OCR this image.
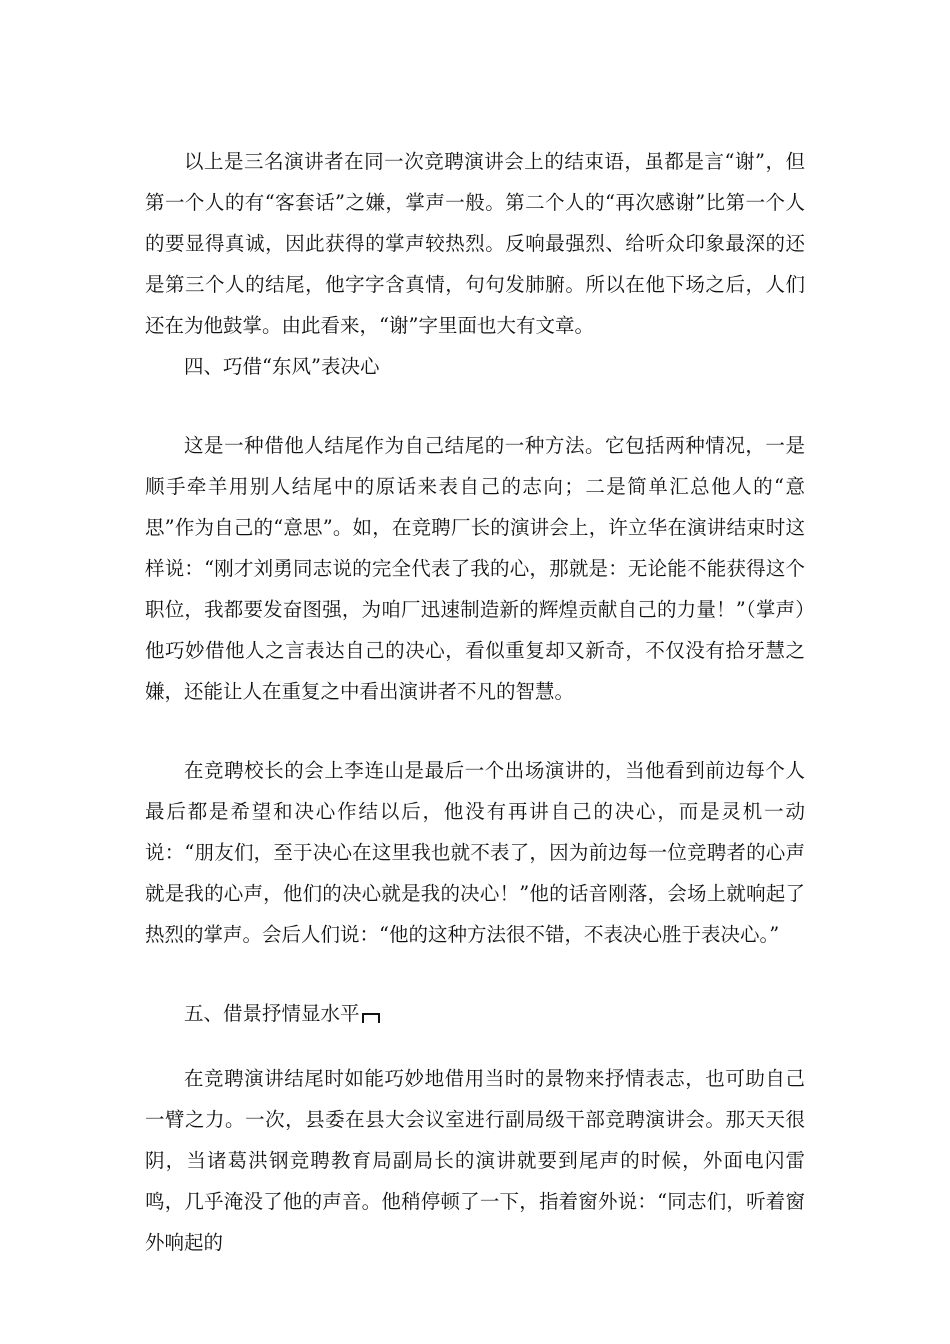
以上是三名演讲者在同一次竞聘演讲会上的结束语，虽都是言“谢”，但第一个人的有“客套话”之嫌，掌声一般。第二个人的“再次感谢”比第一个人的要显得真诚，因此获得的掌声较热烈。反响最强烈、给听众印象最深的还是第三个人的结尾，他字字含真情，句句发肺腑。所以在他下场之后，人们还在为他鼓掌。由此看来，“谢”字里面也大有文章。

四、巧借“东风”表决心

这是一种借他人结尾作为自己结尾的一种方法。它包括两种情况，一是顺手牵羊用别人结尾中的原话来表自己的志向；二是简单汇总他人的“意思”作为自己的“意思”。如，在竞聘厂长的演讲会上，许立华在演讲结束时这样说：“刚才刘勇同志说的完全代表了我的心，那就是：无论能不能获得这个职位，我都要发奋图强，为咱厂迅速制造新的辉煌贡献自己的力量！”（掌声）他巧妙借他人之言表达自己的决心，看似重复却又新奇，不仅没有拾牙慧之嫌，还能让人在重复之中看出演讲者不凡的智慧。

在竞聘校长的会上李连山是最后一个出场演讲的，当他看到前边每个人最后都是希望和决心作结以后，他没有再讲自己的决心，而是灵机一动说：“朋友们，至于决心在这里我也就不表了，因为前边每一位竞聘者的心声就是我的心声，他们的决心就是我的决心！”他的话音刚落，会场上就响起了热烈的掌声。会后人们说：“他的这种方法很不错，不表决心胜于表决心。”

五、借景抒情显水平

在竞聘演讲结尾时如能巧妙地借用当时的景物来抒情表志，也可助自己一臂之力。一次，县委在县大会议室进行副局级干部竞聘演讲会。那天天很阴，当诸葛洪钢竞聘教育局副局长的演讲就要到尾声的时候，外面电闪雷鸣，几乎淹没了他的声音。他稍停顿了一下，指着窗外说：“同志们，听着窗外响起的
